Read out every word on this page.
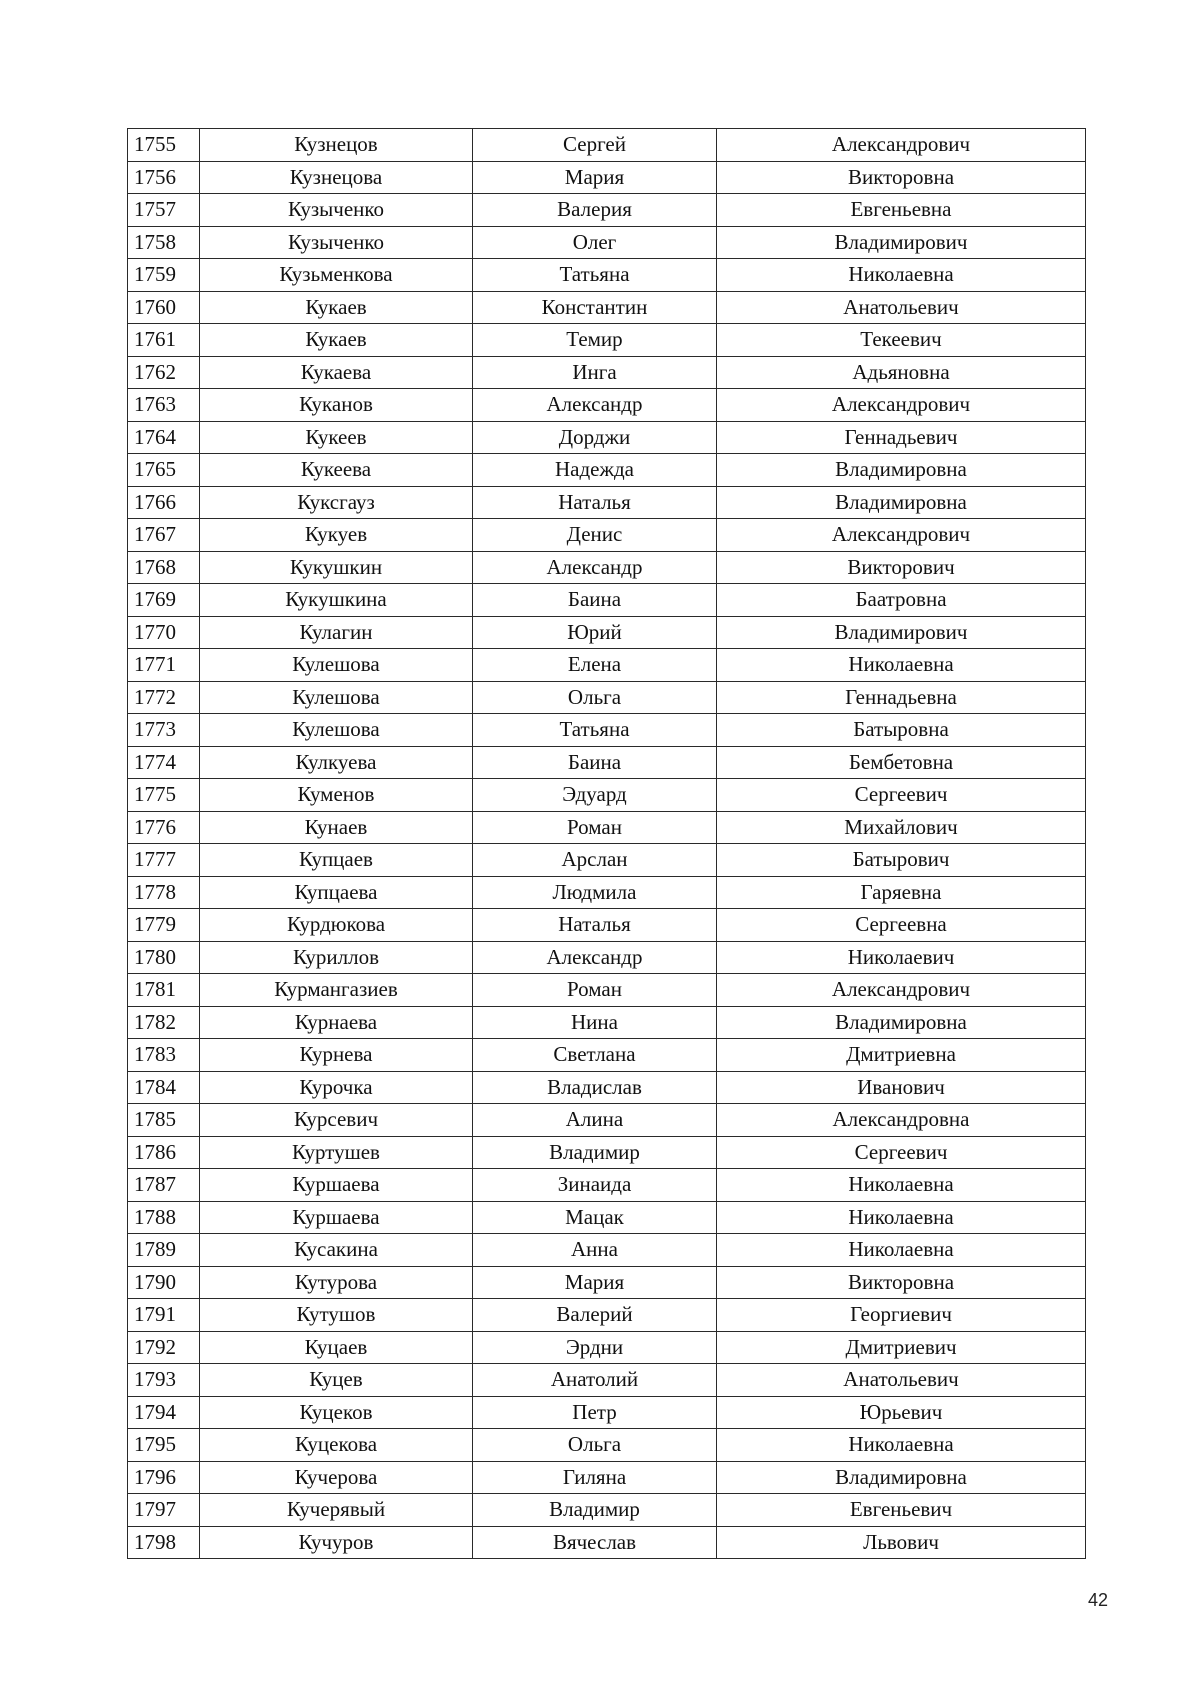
1755	Кузнецов	Сергей	Александрович
1756	Кузнецова	Мария	Викторовна
1757	Кузыченко	Валерия	Евгеньевна
1758	Кузыченко	Олег	Владимирович
1759	Кузьменкова	Татьяна	Николаевна
1760	Кукаев	Константин	Анатольевич
1761	Кукаев	Темир	Текеевич
1762	Кукаева	Инга	Адьяновна
1763	Куканов	Александр	Александрович
1764	Кукеев	Дорджи	Геннадьевич
1765	Кукеева	Надежда	Владимировна
1766	Куксгауз	Наталья	Владимировна
1767	Кукуев	Денис	Александрович
1768	Кукушкин	Александр	Викторович
1769	Кукушкина	Баина	Баатровна
1770	Кулагин	Юрий	Владимирович
1771	Кулешова	Елена	Николаевна
1772	Кулешова	Ольга	Геннадьевна
1773	Кулешова	Татьяна	Батыровна
1774	Кулкуева	Баина	Бембетовна
1775	Куменов	Эдуард	Сергеевич
1776	Кунаев	Роман	Михайлович
1777	Купцаев	Арслан	Батырович
1778	Купцаева	Людмила	Гаряевна
1779	Курдюкова	Наталья	Сергеевна
1780	Куриллов	Александр	Николаевич
1781	Курмангазиев	Роман	Александрович
1782	Курнаева	Нина	Владимировна
1783	Курнева	Светлана	Дмитриевна
1784	Курочка	Владислав	Иванович
1785	Курсевич	Алина	Александровна
1786	Куртушев	Владимир	Сергеевич
1787	Куршаева	Зинаида	Николаевна
1788	Куршаева	Мацак	Николаевна
1789	Кусакина	Анна	Николаевна
1790	Кутурова	Мария	Викторовна
1791	Кутушов	Валерий	Георгиевич
1792	Куцаев	Эрдни	Дмитриевич
1793	Куцев	Анатолий	Анатольевич
1794	Куцеков	Петр	Юрьевич
1795	Куцекова	Ольга	Николаевна
1796	Кучерова	Гиляна	Владимировна
1797	Кучерявый	Владимир	Евгеньевич
1798	Кучуров	Вячеслав	Львович
42
